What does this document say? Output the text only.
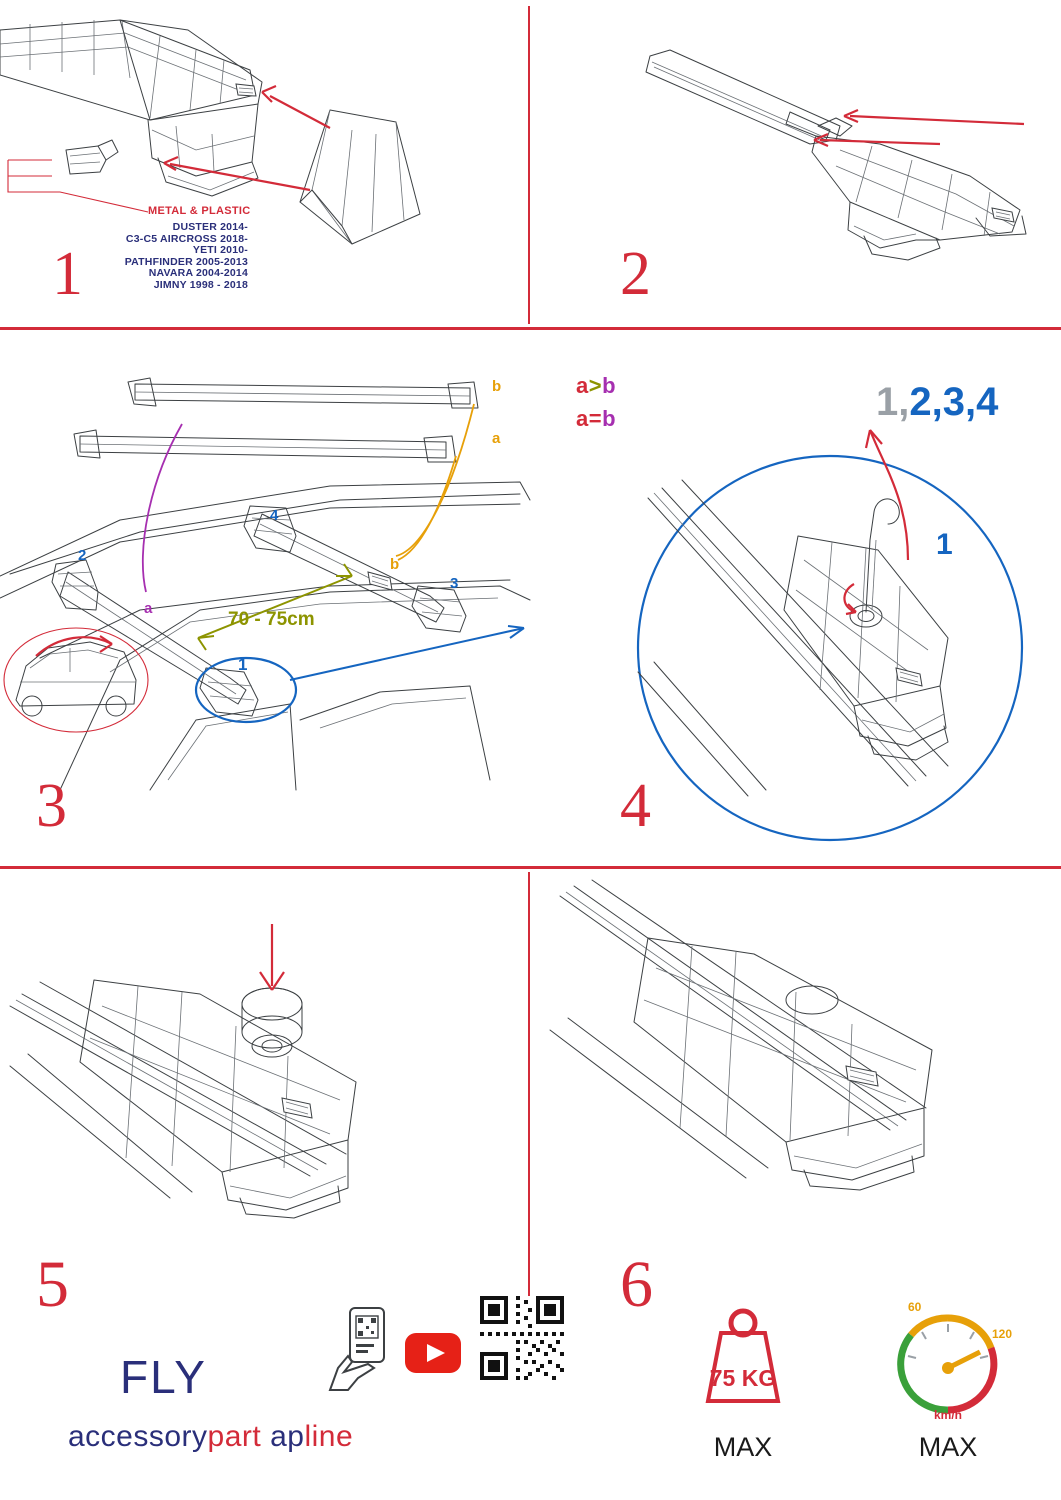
1
METAL & PLASTIC
DUSTER 2014-
C3-C5 AIRCROSS 2018-
YETI 2010-
PATHFINDER 2005-2013
NAVARA 2004-2014
JIMNY 1998 - 2018	2
3
b
a
b
a
2
3
4
1
70 - 75cm
a>b
a=b
4
1,2,3,4
1
5	6
FLY
accessorypart apline
75 KG
MAX
60
120
km/h
MAX
